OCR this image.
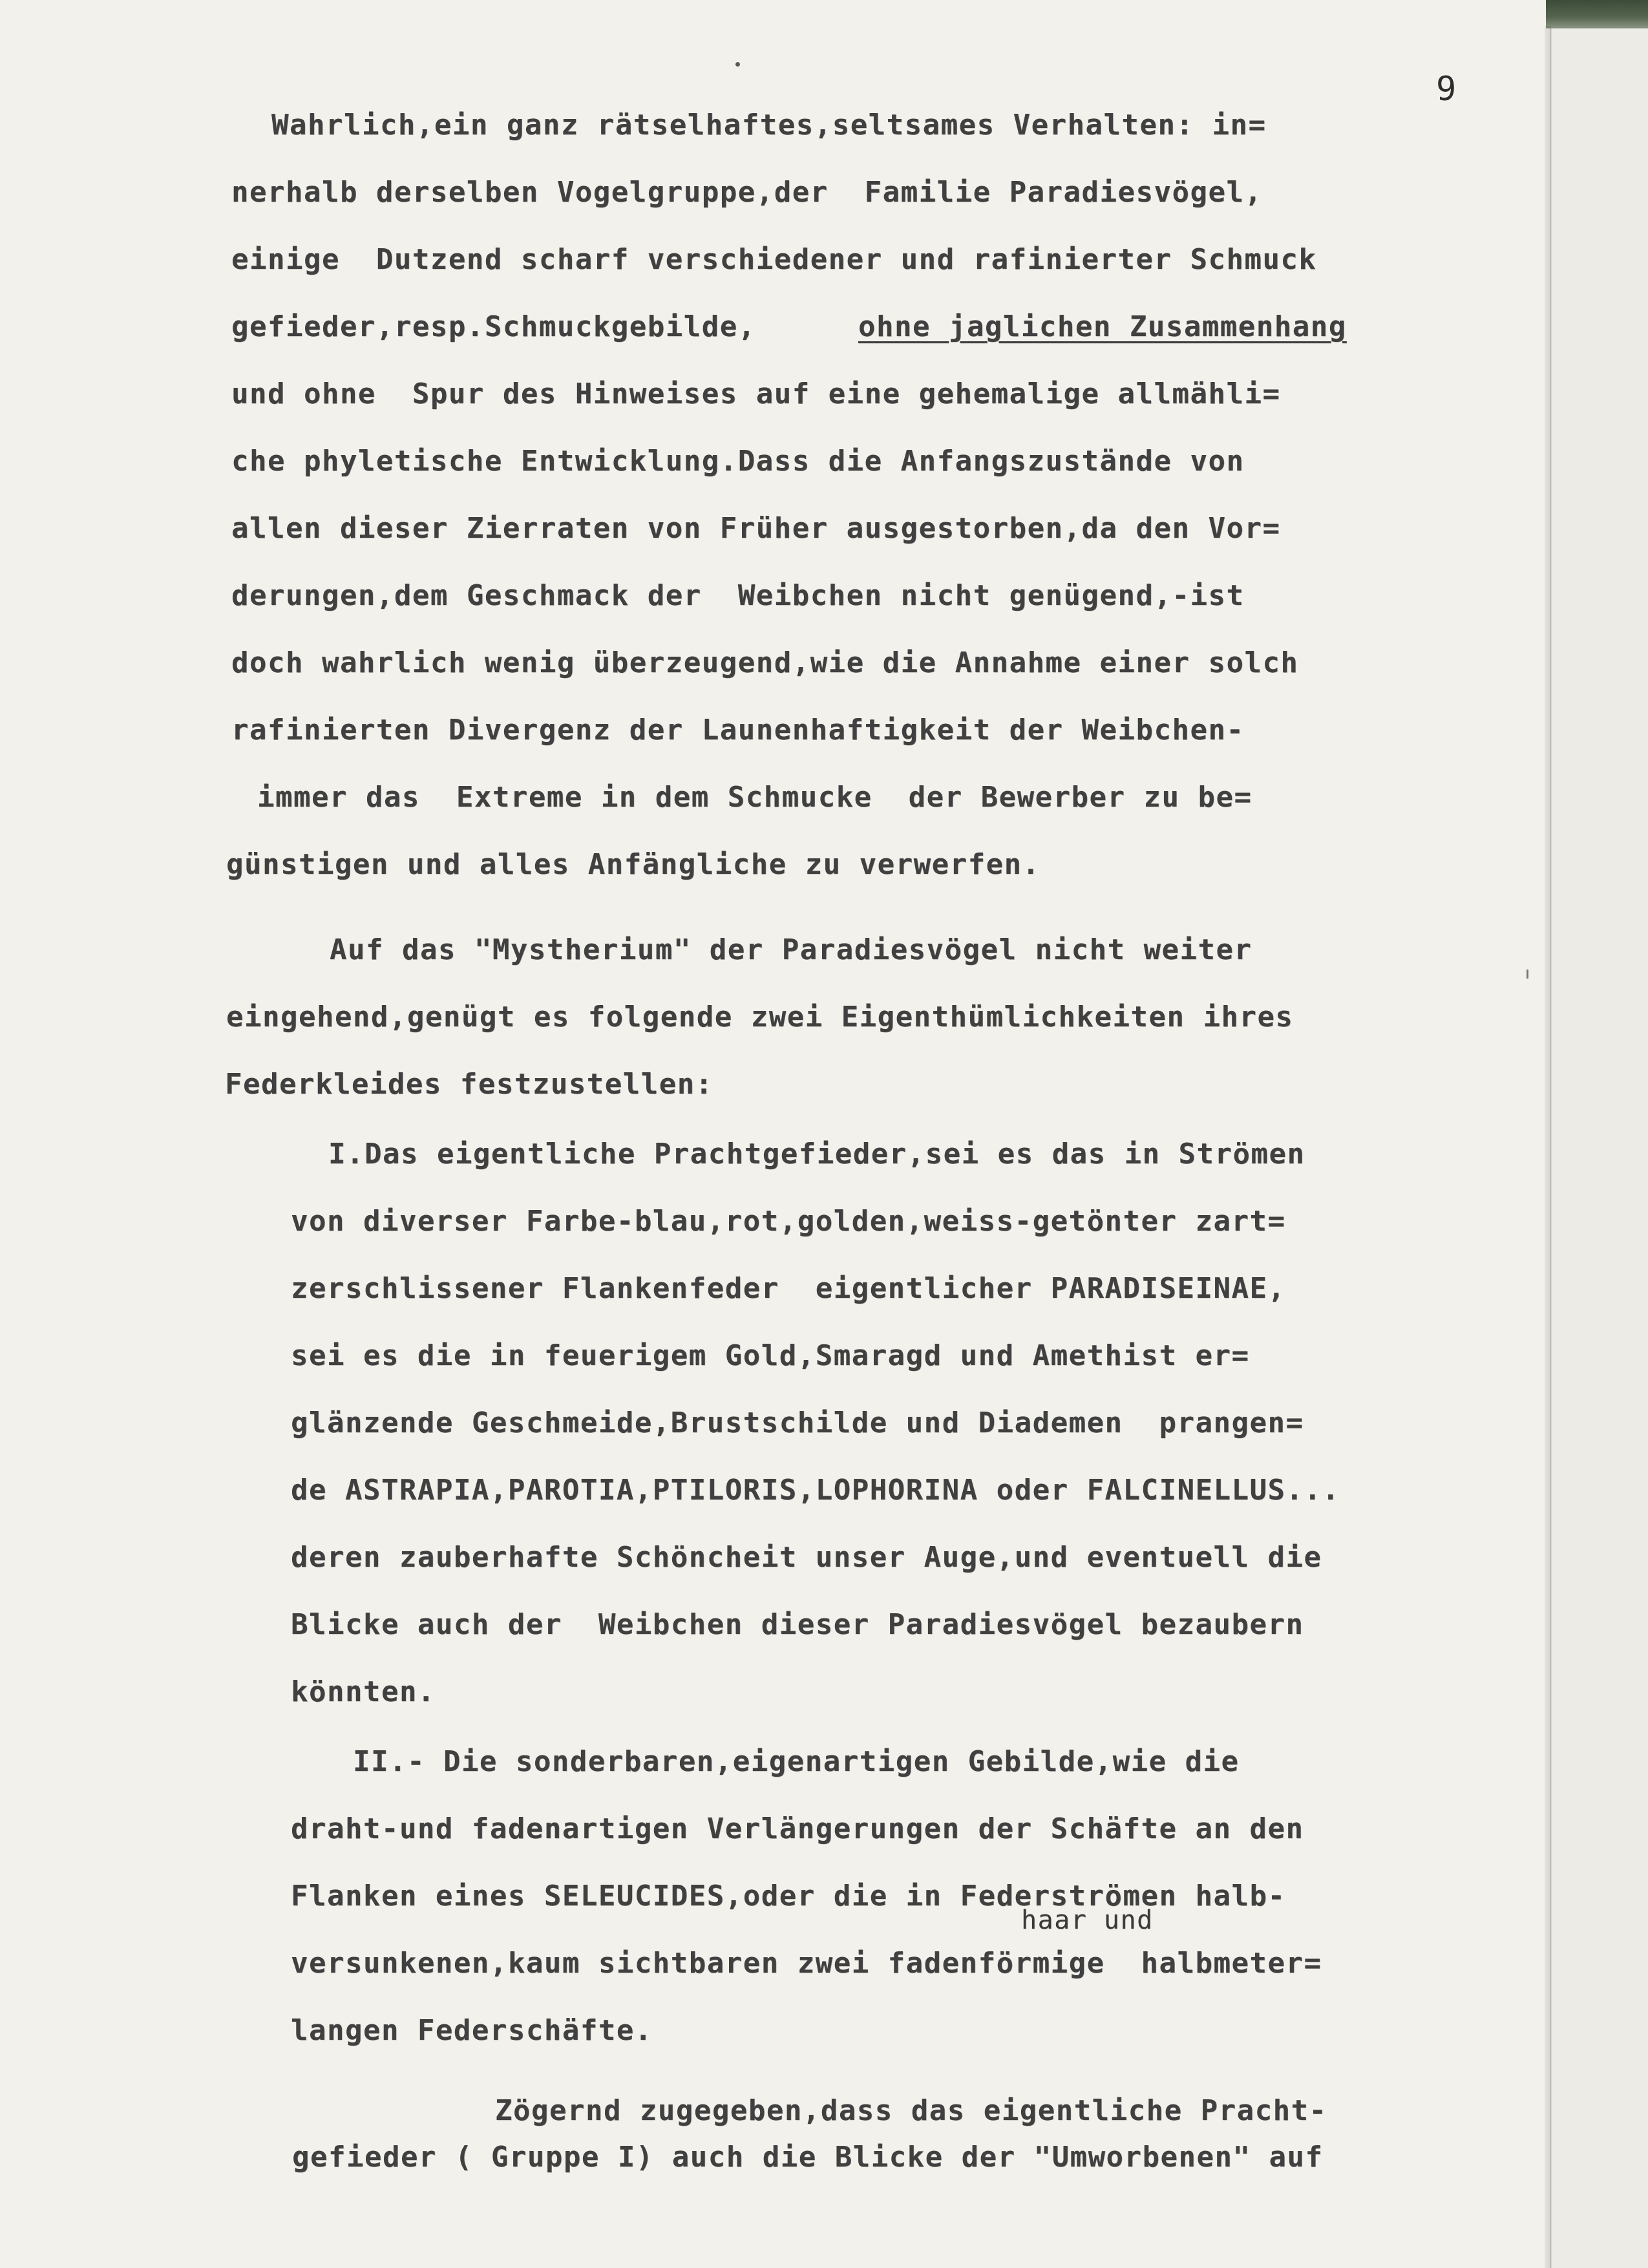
9
Wahrlich,ein ganz rätselhaftes,seltsames Verhalten: in=
nerhalb derselben Vogelgruppe,der  Familie Paradiesvögel,
einige  Dutzend scharf verschiedener und rafinierter Schmuck
gefieder,resp.Schmuckgebilde,	ohne jaglichen Zusammenhang
und ohne  Spur des Hinweises auf eine gehemalige allmähli=
che phyletische Entwicklung.Dass die Anfangszustände von
allen dieser Zierraten von Früher ausgestorben,da den Vor=
derungen,dem Geschmack der  Weibchen nicht genügend,-ist
doch wahrlich wenig überzeugend,wie die Annahme einer solch
rafinierten Divergenz der Launenhaftigkeit der Weibchen-
immer das  Extreme in dem Schmucke  der Bewerber zu be=
günstigen und alles Anfängliche zu verwerfen.
Auf das "Mystherium" der Paradiesvögel nicht weiter
eingehend,genügt es folgende zwei Eigenthümlichkeiten ihres
Federkleides festzustellen:
I.Das eigentliche Prachtgefieder,sei es das in Strömen
von diverser Farbe-blau,rot,golden,weiss-getönter zart=
zerschlissener Flankenfeder  eigentlicher PARADISEINAE,
sei es die in feuerigem Gold,Smaragd und Amethist er=
glänzende Geschmeide,Brustschilde und Diademen  prangen=
de ASTRAPIA,PAROTIA,PTILORIS,LOPHORINA oder FALCINELLUS...
deren zauberhafte Schöncheit unser Auge,und eventuell die
Blicke auch der  Weibchen dieser Paradiesvögel bezaubern
könnten.
II.- Die sonderbaren,eigenartigen Gebilde,wie die
draht-und fadenartigen Verlängerungen der Schäfte an den
Flanken eines SELEUCIDES,oder die in Federströmen halb-
haar und
versunkenen,kaum sichtbaren zwei fadenförmige  halbmeter=
langen Federschäfte.
Zögernd zugegeben,dass das eigentliche Pracht-
gefieder ( Gruppe I) auch die Blicke der "Umworbenen" auf
